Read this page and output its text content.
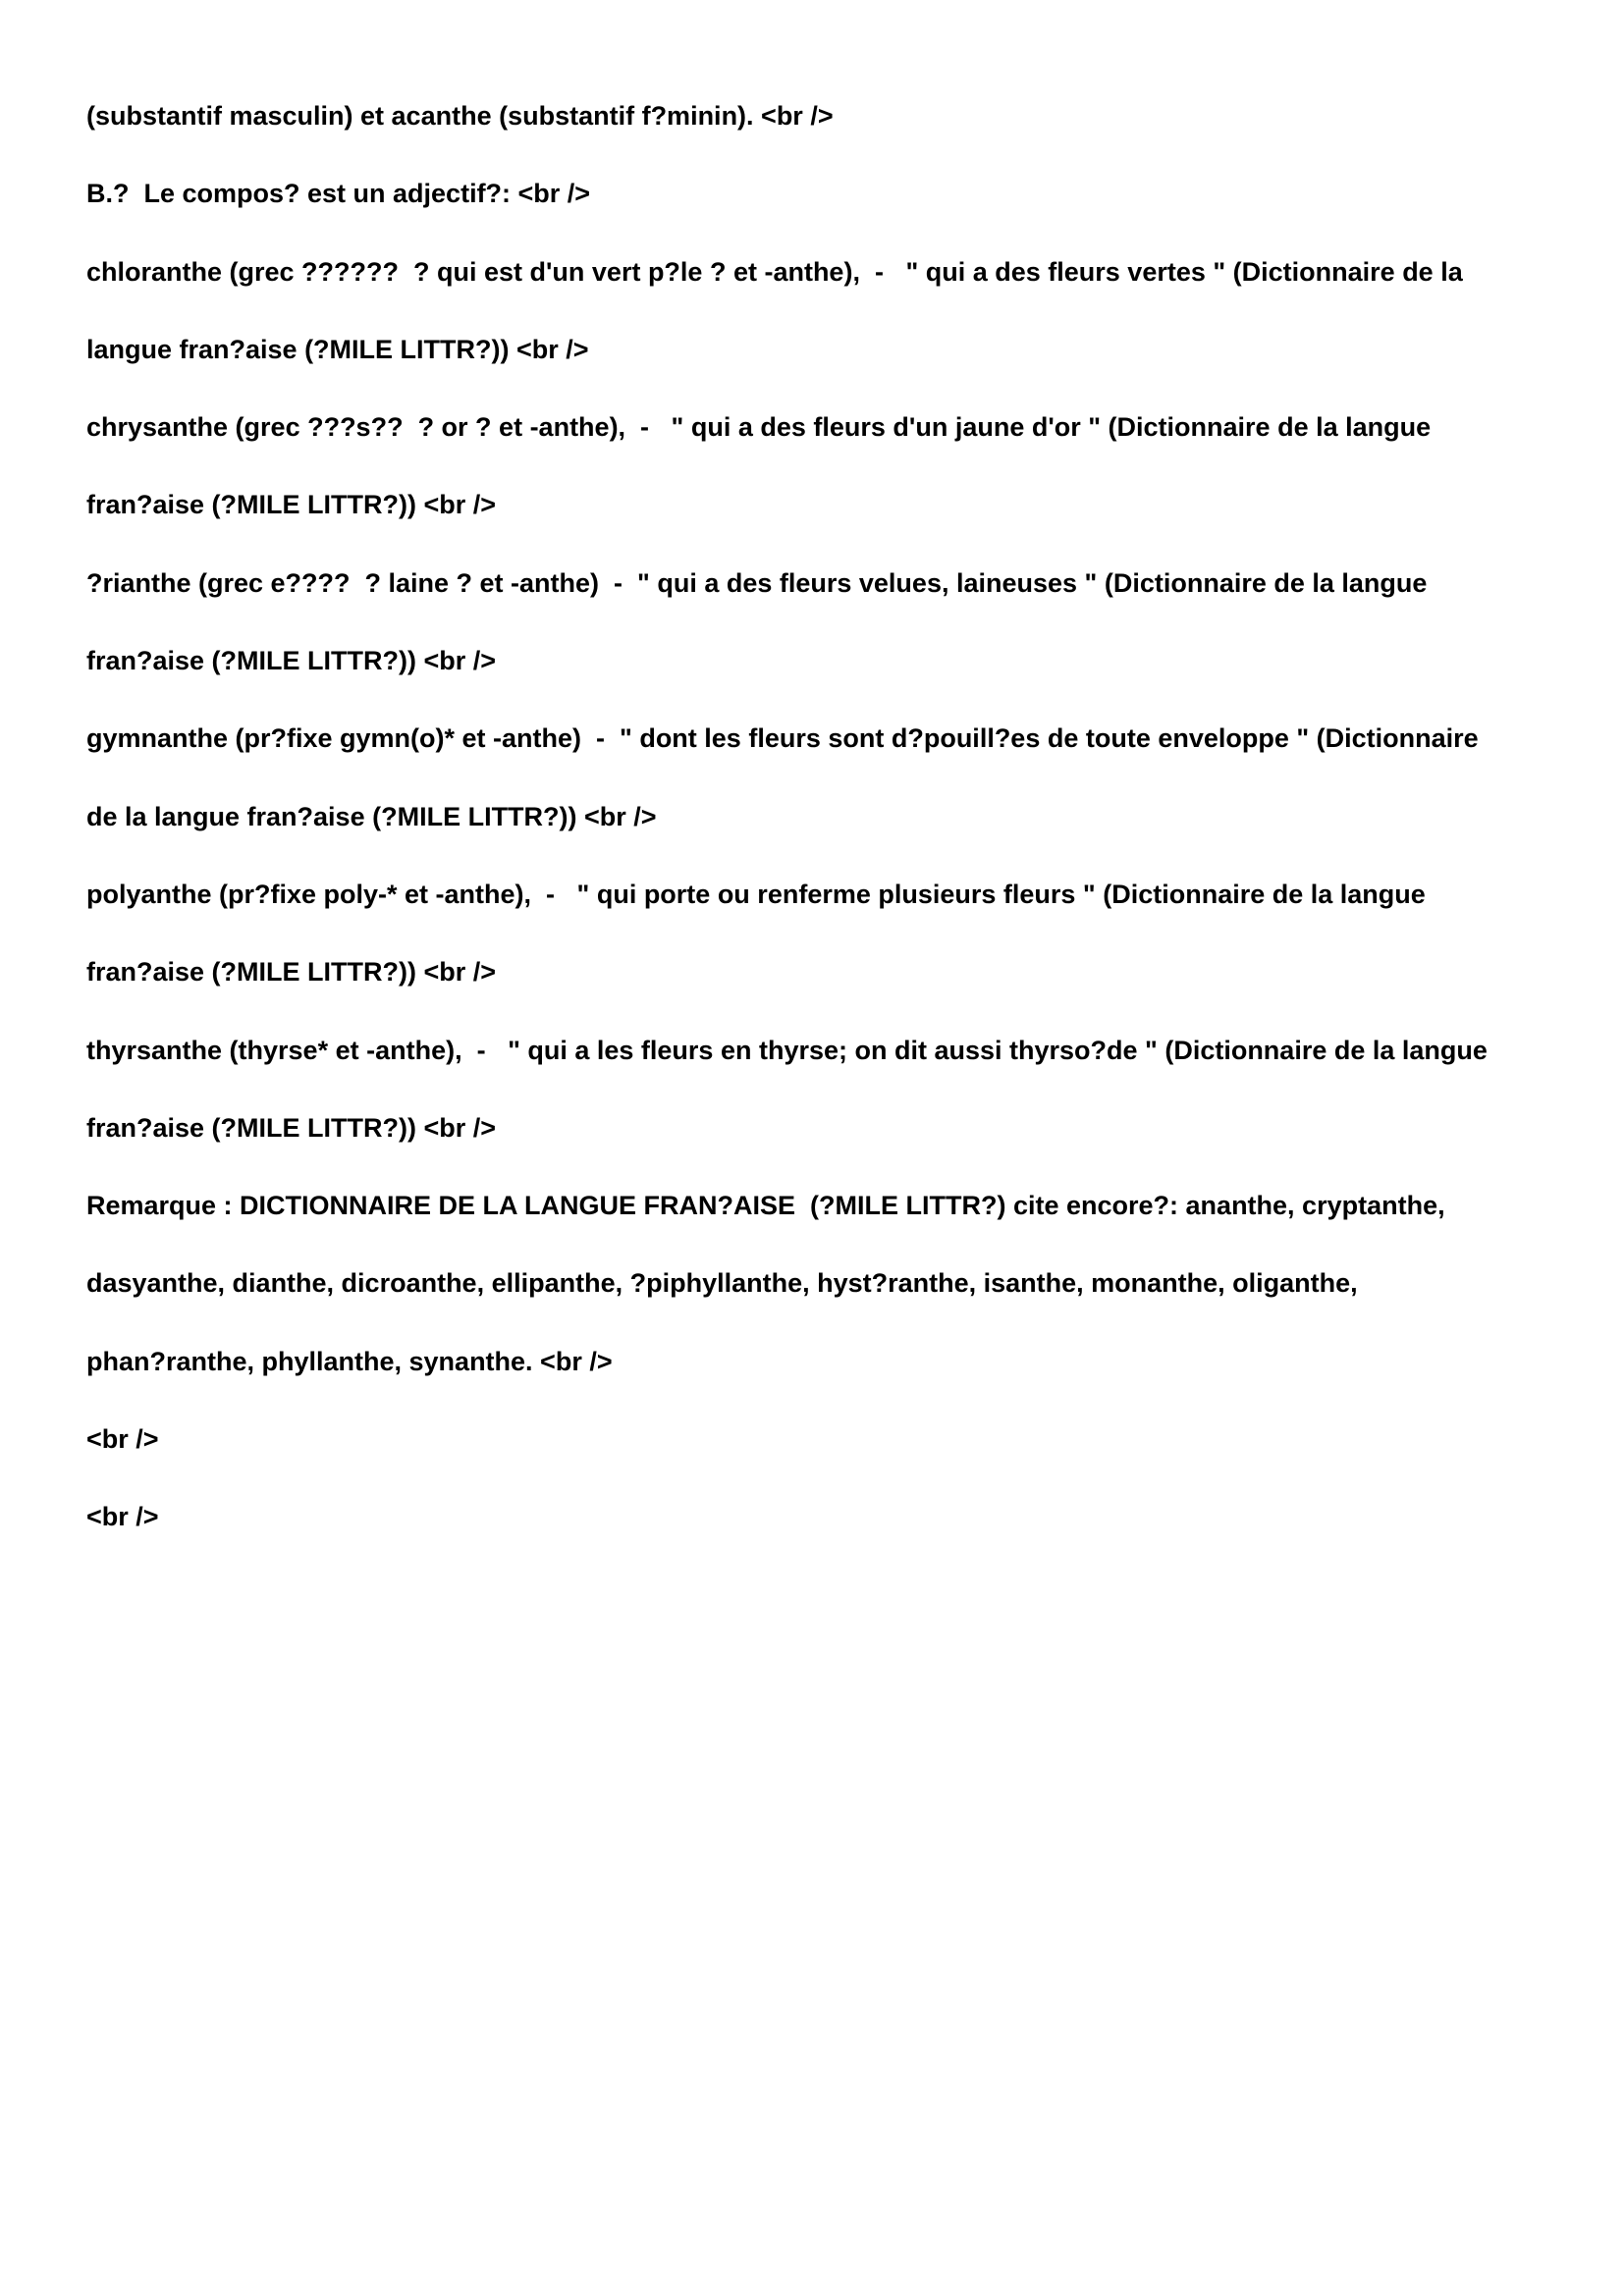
(substantif masculin) et acanthe (substantif f?minin). <br />

B.?  Le compos? est un adjectif?: <br />

chloranthe (grec ??????  ? qui est d'un vert p?le ? et -anthe),  -   " qui a des fleurs vertes " (Dictionnaire de la

langue fran?aise (?MILE LITTR?)) <br />

chrysanthe (grec ???s??  ? or ? et -anthe),  -   " qui a des fleurs d'un jaune d'or " (Dictionnaire de la langue

fran?aise (?MILE LITTR?)) <br />

?rianthe (grec e????  ? laine ? et -anthe)  -  " qui a des fleurs velues, laineuses " (Dictionnaire de la langue

fran?aise (?MILE LITTR?)) <br />

gymnanthe (pr?fixe gymn(o)* et -anthe)  -  " dont les fleurs sont d?pouill?es de toute enveloppe " (Dictionnaire

de la langue fran?aise (?MILE LITTR?)) <br />

polyanthe (pr?fixe poly-* et -anthe),  -   " qui porte ou renferme plusieurs fleurs " (Dictionnaire de la langue

fran?aise (?MILE LITTR?)) <br />

thyrsanthe (thyrse* et -anthe),  -   " qui a les fleurs en thyrse; on dit aussi thyrso?de " (Dictionnaire de la langue

fran?aise (?MILE LITTR?)) <br />

Remarque : DICTIONNAIRE DE LA LANGUE FRAN?AISE  (?MILE LITTR?) cite encore?: ananthe, cryptanthe,

dasyanthe, dianthe, dicroanthe, ellipanthe, ?piphyllanthe, hyst?ranthe, isanthe, monanthe, oliganthe,

phan?ranthe, phyllanthe, synanthe. <br />

<br />

<br />
